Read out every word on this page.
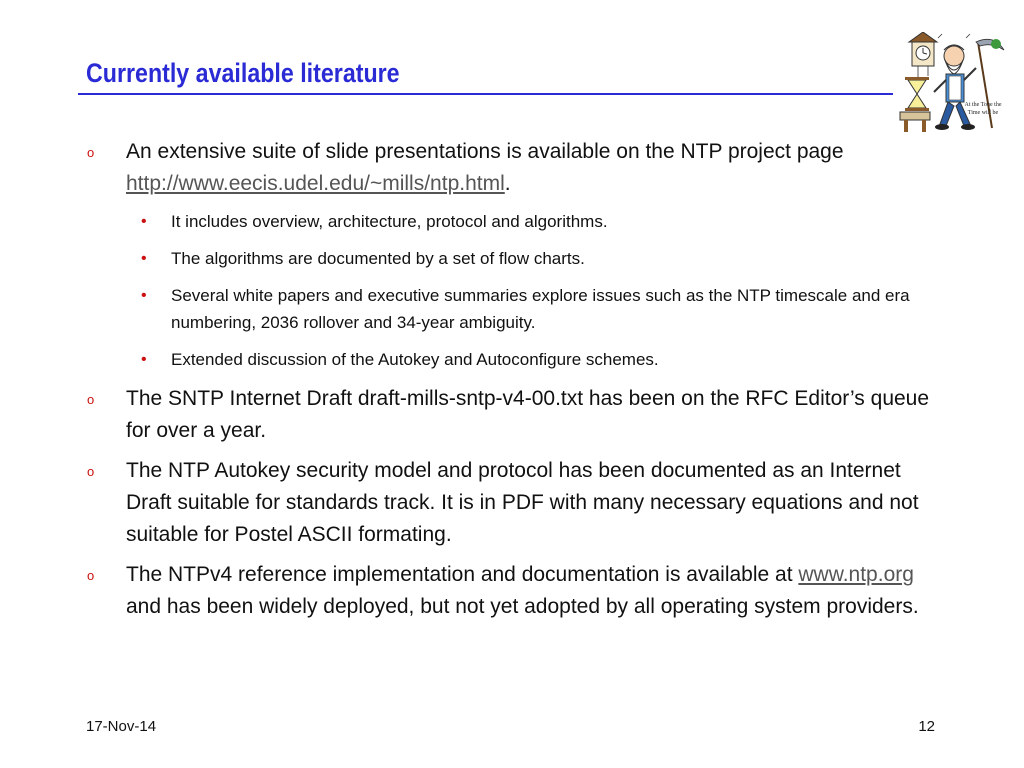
Currently available literature
At the Tone the Time will be
o An extensive suite of slide presentations is available on the NTP project page http://www.eecis.udel.edu/~mills/ntp.html.
• It includes overview, architecture, protocol and algorithms.
• The algorithms are documented by a set of flow charts.
• Several white papers and executive summaries explore issues such as the NTP timescale and era numbering, 2036 rollover and 34-year ambiguity.
• Extended discussion of the Autokey and Autoconfigure schemes.
o The SNTP Internet Draft draft-mills-sntp-v4-00.txt has been on the RFC Editor’s queue for over a year.
o The NTP Autokey security model and protocol has been documented as an Internet Draft suitable for standards track. It is in PDF with many necessary equations and not suitable for Postel ASCII formating.
o The NTPv4 reference implementation and documentation is available at www.ntp.org and has been widely deployed, but not yet adopted by all operating system providers.
17-Nov-14	12
